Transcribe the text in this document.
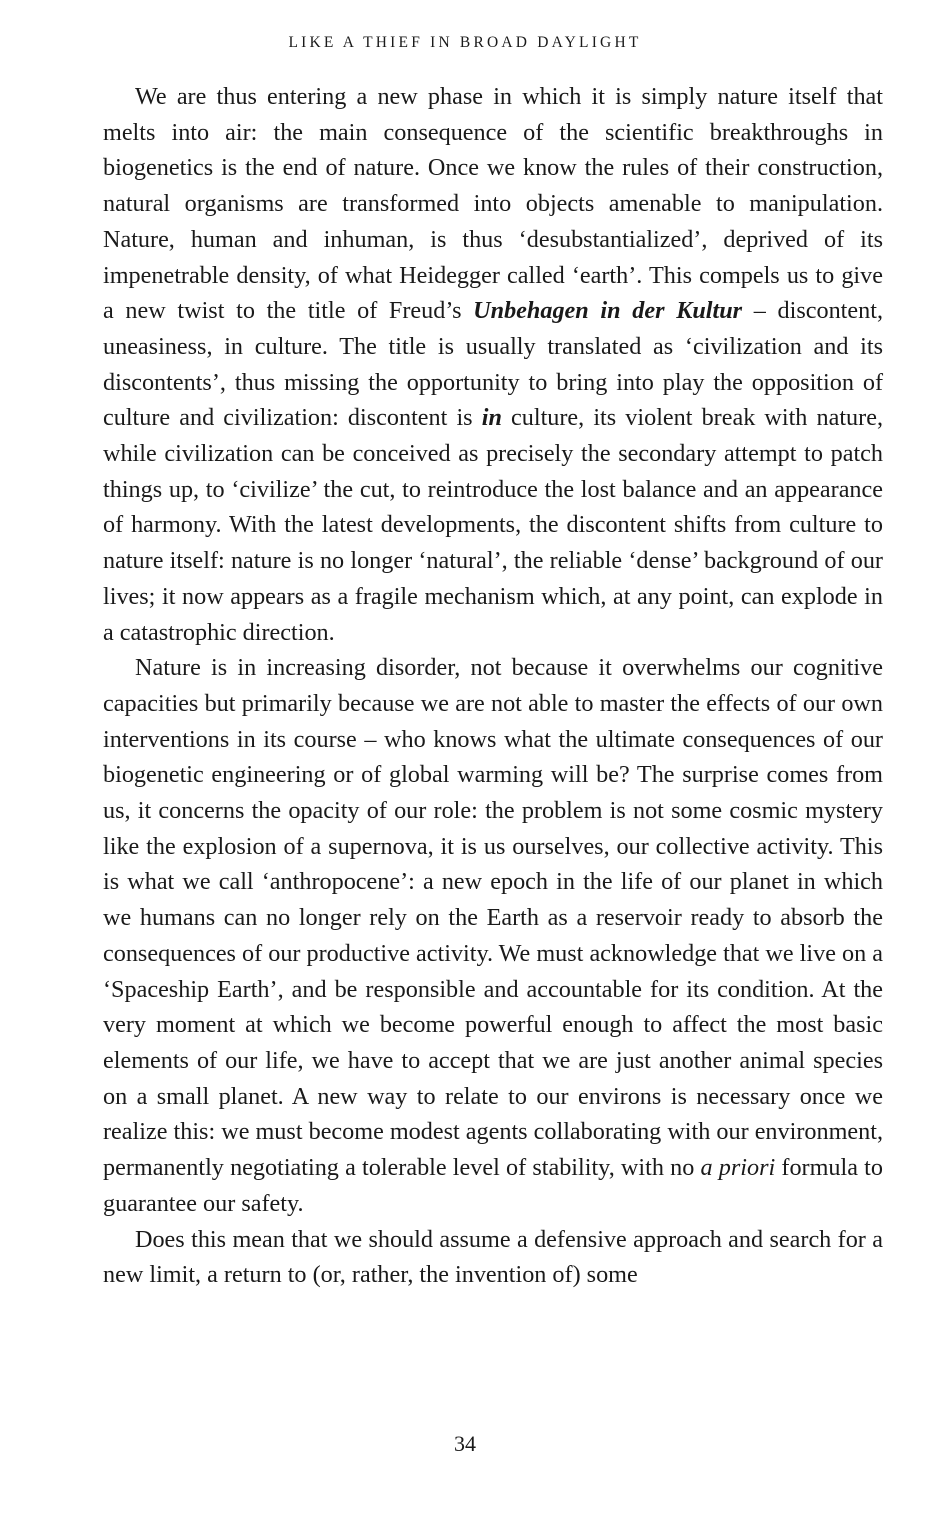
LIKE A THIEF IN BROAD DAYLIGHT

We are thus entering a new phase in which it is simply nature itself that melts into air: the main consequence of the scientific breakthroughs in biogenetics is the end of nature. Once we know the rules of their construction, natural organisms are transformed into objects amenable to manipulation. Nature, human and inhuman, is thus ‘desubstantialized’, deprived of its impenetrable density, of what Heidegger called ‘earth’. This compels us to give a new twist to the title of Freud’s Unbehagen in der Kultur – discontent, uneasiness, in culture. The title is usually translated as ‘civilization and its discontents’, thus missing the opportunity to bring into play the opposition of culture and civilization: discontent is in culture, its violent break with nature, while civilization can be conceived as precisely the secondary attempt to patch things up, to ‘civilize’ the cut, to reintroduce the lost balance and an appearance of harmony. With the latest developments, the discontent shifts from culture to nature itself: nature is no longer ‘natural’, the reliable ‘dense’ background of our lives; it now appears as a fragile mechanism which, at any point, can explode in a catastrophic direction.

Nature is in increasing disorder, not because it overwhelms our cognitive capacities but primarily because we are not able to master the effects of our own interventions in its course – who knows what the ultimate consequences of our biogenetic engineering or of global warming will be? The surprise comes from us, it concerns the opacity of our role: the problem is not some cosmic mystery like the explosion of a supernova, it is us ourselves, our collective activity. This is what we call ‘anthropocene’: a new epoch in the life of our planet in which we humans can no longer rely on the Earth as a reservoir ready to absorb the consequences of our productive activity. We must acknowledge that we live on a ‘Spaceship Earth’, and be responsible and accountable for its condition. At the very moment at which we become powerful enough to affect the most basic elements of our life, we have to accept that we are just another animal species on a small planet. A new way to relate to our environs is necessary once we realize this: we must become modest agents collaborating with our environment, permanently negotiating a tolerable level of stability, with no a priori formula to guarantee our safety.

Does this mean that we should assume a defensive approach and search for a new limit, a return to (or, rather, the invention of) some

34
